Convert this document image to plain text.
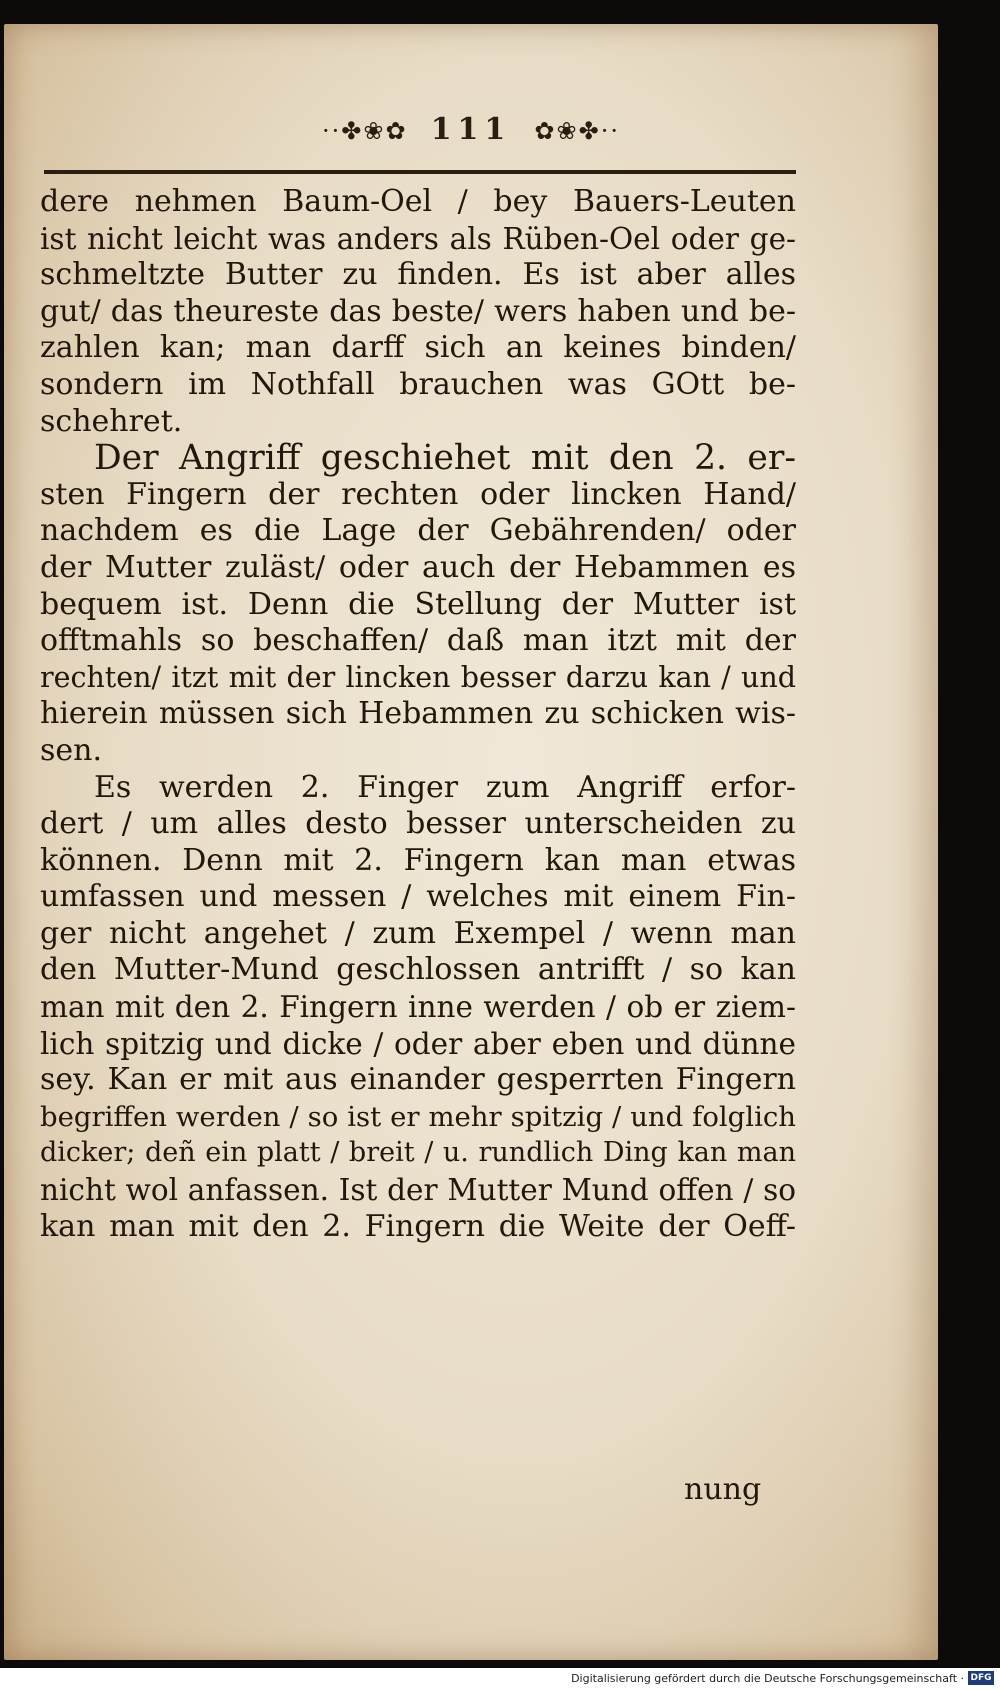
··✤❀✿ 111 ✿❀✤··
dere nehmen Baum-Oel / bey Bauers-Leuten
ist nicht leicht was anders als Rüben-Oel oder ge-
schmeltzte Butter zu finden. Es ist aber alles
gut/ das theureste das beste/ wers haben und be-
zahlen kan; man darff sich an keines binden/
sondern im Nothfall brauchen was GOtt be-
schehret.
Der Angriff geschiehet mit den 2. er-
sten Fingern der rechten oder lincken Hand/
nachdem es die Lage der Gebährenden/ oder
der Mutter zuläst/ oder auch der Hebammen es
bequem ist. Denn die Stellung der Mutter ist
offtmahls so beschaffen/ daß man itzt mit der
rechten/ itzt mit der lincken besser darzu kan / und
hierein müssen sich Hebammen zu schicken wis-
sen.
Es werden 2. Finger zum Angriff erfor-
dert / um alles desto besser unterscheiden zu
können. Denn mit 2. Fingern kan man etwas
umfassen und messen / welches mit einem Fin-
ger nicht angehet / zum Exempel / wenn man
den Mutter-Mund geschlossen antrifft / so kan
man mit den 2. Fingern inne werden / ob er ziem-
lich spitzig und dicke / oder aber eben und dünne
sey. Kan er mit aus einander gesperrten Fingern
begriffen werden / so ist er mehr spitzig / und folglich
dicker; deñ ein platt / breit / u. rundlich Ding kan man
nicht wol anfassen. Ist der Mutter Mund offen / so
kan man mit den 2. Fingern die Weite der Oeff-
nung
Digitalisierung gefördert durch die Deutsche Forschungsgemeinschaft · DFG
